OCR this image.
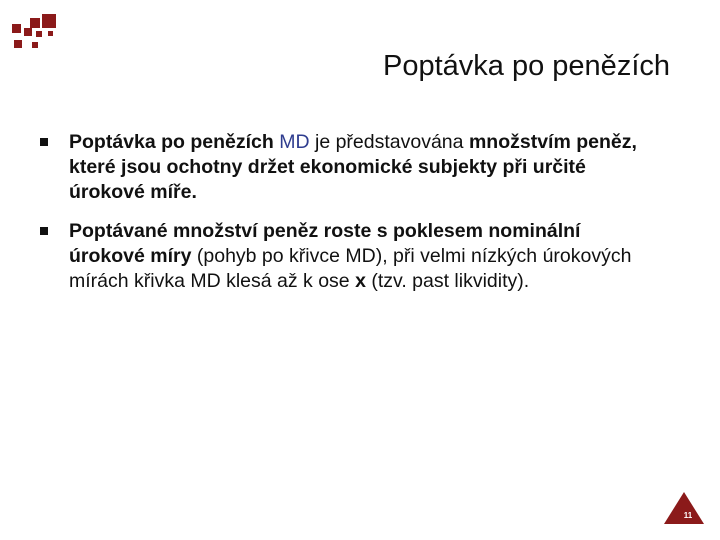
Poptávka po penězích
Poptávka po penězích MD je představována množstvím peněz, které jsou ochotny držet ekonomické subjekty při určité úrokové míře.
Poptávané množství peněz roste s poklesem nominální úrokové míry (pohyb po křivce MD), při velmi nízkých úrokových mírách křivka MD klesá až k ose x (tzv. past likvidity).
11
